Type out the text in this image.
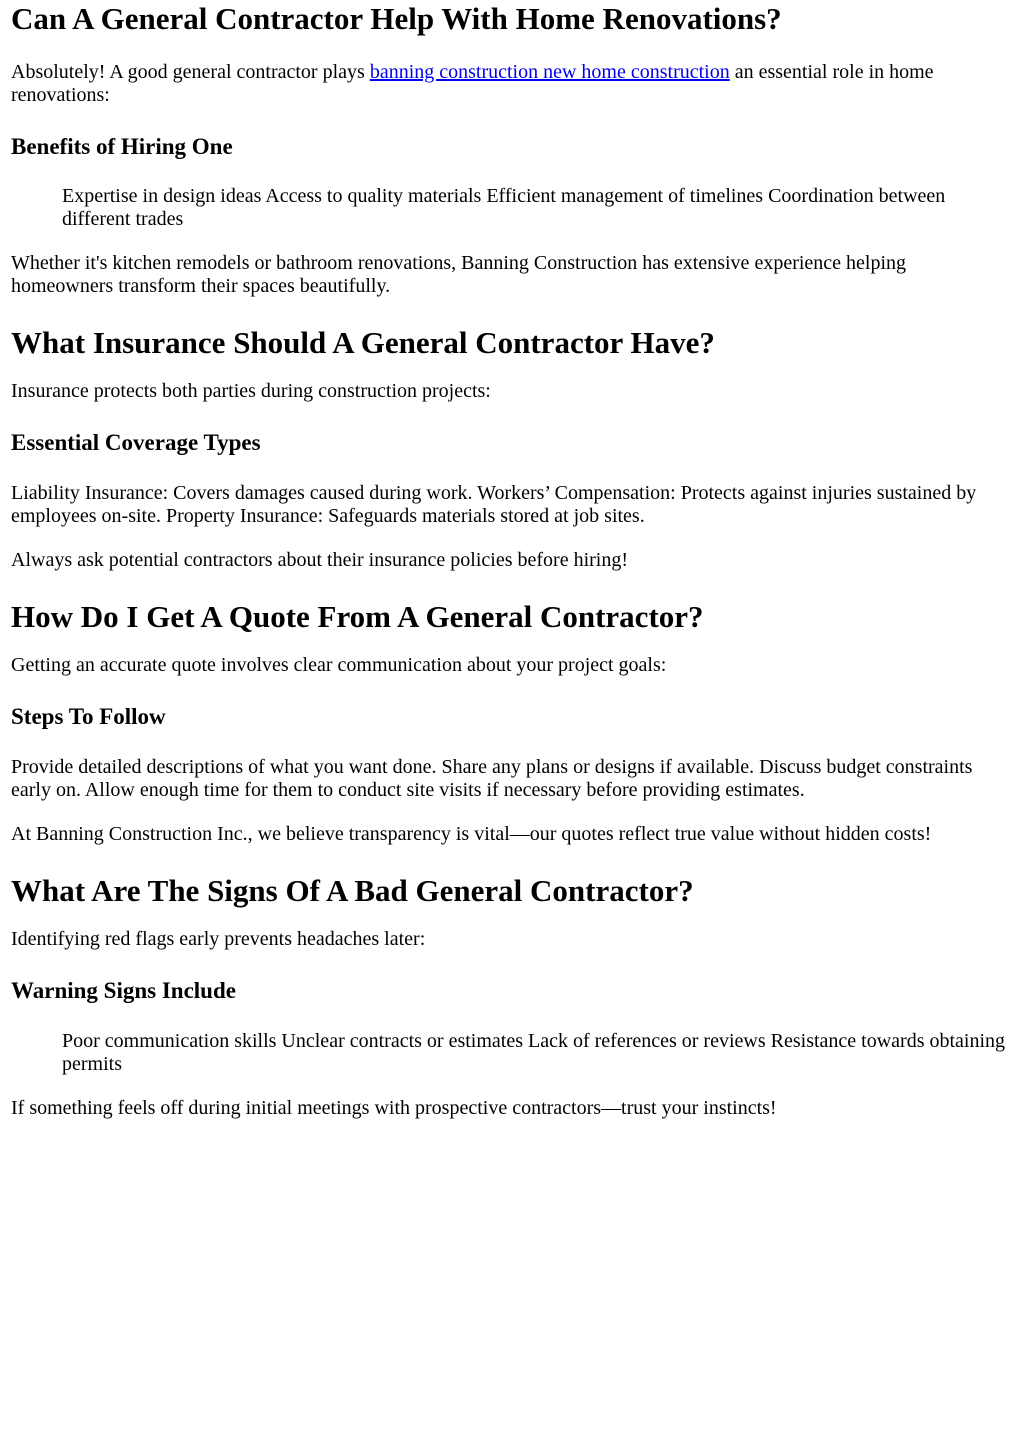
Can A General Contractor Help With Home Renovations?

Absolutely! A good general contractor plays banning construction new home construction an essential role in home renovations:

Benefits of Hiring One
Expertise in design ideas Access to quality materials Efficient management of timelines Coordination between different trades

Whether it's kitchen remodels or bathroom renovations, Banning Construction has extensive experience helping homeowners transform their spaces beautifully.

What Insurance Should A General Contractor Have?

Insurance protects both parties during construction projects:

Essential Coverage Types

Liability Insurance: Covers damages caused during work. Workers’ Compensation: Protects against injuries sustained by employees on-site. Property Insurance: Safeguards materials stored at job sites.

Always ask potential contractors about their insurance policies before hiring!

How Do I Get A Quote From A General Contractor?

Getting an accurate quote involves clear communication about your project goals:

Steps To Follow

Provide detailed descriptions of what you want done. Share any plans or designs if available. Discuss budget constraints early on. Allow enough time for them to conduct site visits if necessary before providing estimates.

At Banning Construction Inc., we believe transparency is vital—our quotes reflect true value without hidden costs!

What Are The Signs Of A Bad General Contractor?

Identifying red flags early prevents headaches later:

Warning Signs Include
Poor communication skills Unclear contracts or estimates Lack of references or reviews Resistance towards obtaining permits

If something feels off during initial meetings with prospective contractors—trust your instincts!
